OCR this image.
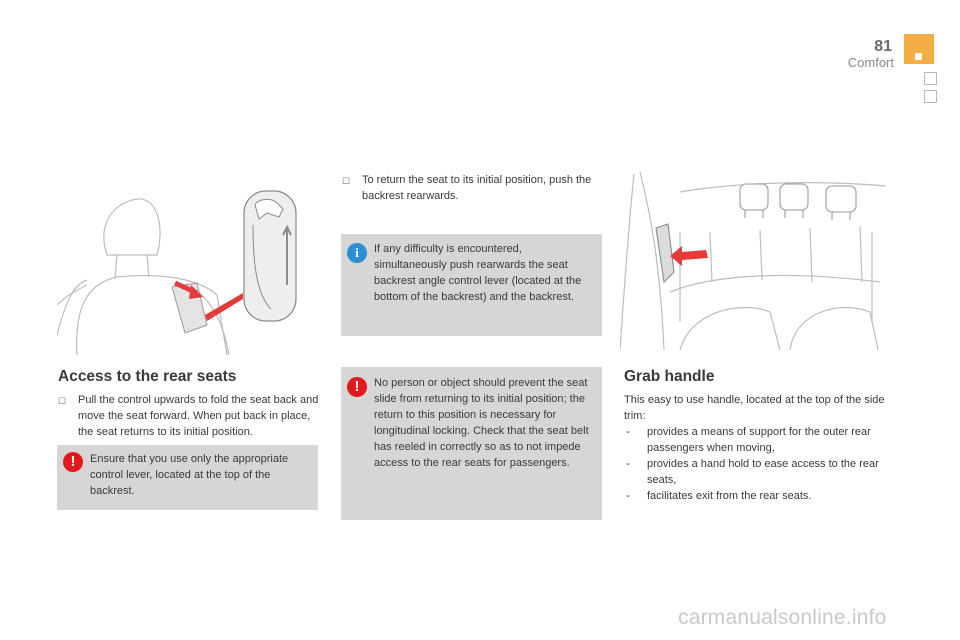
81
Comfort
Access to the rear seats
☐	Pull the control upwards to fold the seat back and move the seat forward. When put back in place, the seat returns to its initial position.
!
Ensure that you use only the appropriate control lever, located at the top of the backrest.
☐	To return the seat to its initial position, push the backrest rearwards.
i
If any difficulty is encountered, simultaneously push rearwards the seat backrest angle control lever (located at the bottom of the backrest) and the backrest.
!
No person or object should prevent the seat slide from returning to its initial position; the return to this position is necessary for longitudinal locking. Check that the seat belt has reeled in correctly so as to not impede access to the rear seats for passengers.
Grab handle
This easy to use handle, located at the top of the side trim:
- provides a means of support for the outer rear passengers when moving,
- provides a hand hold to ease access to the rear seats,
- facilitates exit from the rear seats.
carmanualsonline.info
